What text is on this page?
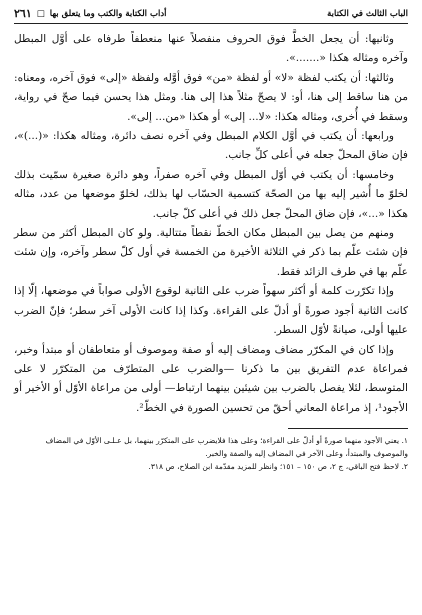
الباب الثالث في الكتابة
أداب الكتابة والكتب وما يتعلق بها
□
٢٦١

وثانيها: أن يجعل الخطَّ فوق الحروف منفصلاً عنها منعطفاً طرفاه على أوَّل المبطل وآخره ومثاله هكذا «.......».

وثالثها: أن يكتب لفظة «لا» أو لفظة «من» فوق أوَّله ولفظة «إلى» فوق آخره، ومعناه: من هنا ساقط إلى هنا، أو: لا يصحّ مثلاً هذا إلى هنا. ومثل هذا يحسن فيما صحّ في رواية، وسقط في أُخرى، ومثاله هكذا: «لا... إلى» أو هكذا «من... إلى».

ورابعها: أن يكتب في أوَّل الكلام المبطل وفي آخره نصف دائرة، ومثاله هكذا: «(...)»، فإن ضاق المحلّ جعله في أعلى كلِّ جانب.

وخامسها: أن يكتب في أوّل المبطل وفي آخره صفراً، وهو دائرة صغيرة سمّيت بذلك لخلوّ ما أُشير إليه بها من الصحّة كتسمية الحسّاب لها بذلك، لخلوّ موضعها من عدد، مثاله هكذا «...»، فإن ضاق المحلّ جعل ذلك في أعلى كلّ جانب.

ومنهم من يصل بين المبطل مكان الخطّ نقطاً متتالية. ولو كان المبطل أكثر من سطر فإن شئت علّم بما ذكر في الثلاثة الأخيرة من الخمسة في أول كلّ سطر وآخره، وإن شئت علّم بها في طرف الزائد فقط.

وإذا تكرّرت كلمة أو أكثر سهواً ضرب على الثانية لوقوع الأولى صواباً في موضعها، إلّا إذا كانت الثانية أجود صورةً أو أدلّ على القراءة. وكذا إذا كانت الأولى آخر سطر؛ فإنّ الضرب عليها أولى، صيانةً لأوّل السطر.

وإذا كان في المكرّر مضاف ومضاف إليه أو صفة وموصوف أو متعاطفان أو مبتدأ وخبر، فمراعاة عدم التفريق بين ما ذكرنا —والضرب على المتطرّف من المتكرّر لا على المتوسط، لئلا يفصل بالضرب بين شيئين بينهما ارتباط— أولى من مراعاة الأوّل أو الأخير أو الأجود¹، إذ مراعاة المعاني أحقّ من تحسين الصورة في الخطّ².

١. يعني الأجود منهما صورةً أو أدلّ على القراءة؛ وعلى هذا فلايضرب على المتكرّر بينهما، بل عـلـى الأوّل في المضاف والموصوف والمبتدأ، وعلى الآخر في المضاف إليه والصفة والخبر.

٢. لاحظ فتح الباقي، ج ٢، ص ١٥٠ – ١٥١؛ وانظر للمزيد مقدّمة ابن الصلاح، ص ٣١٨.
